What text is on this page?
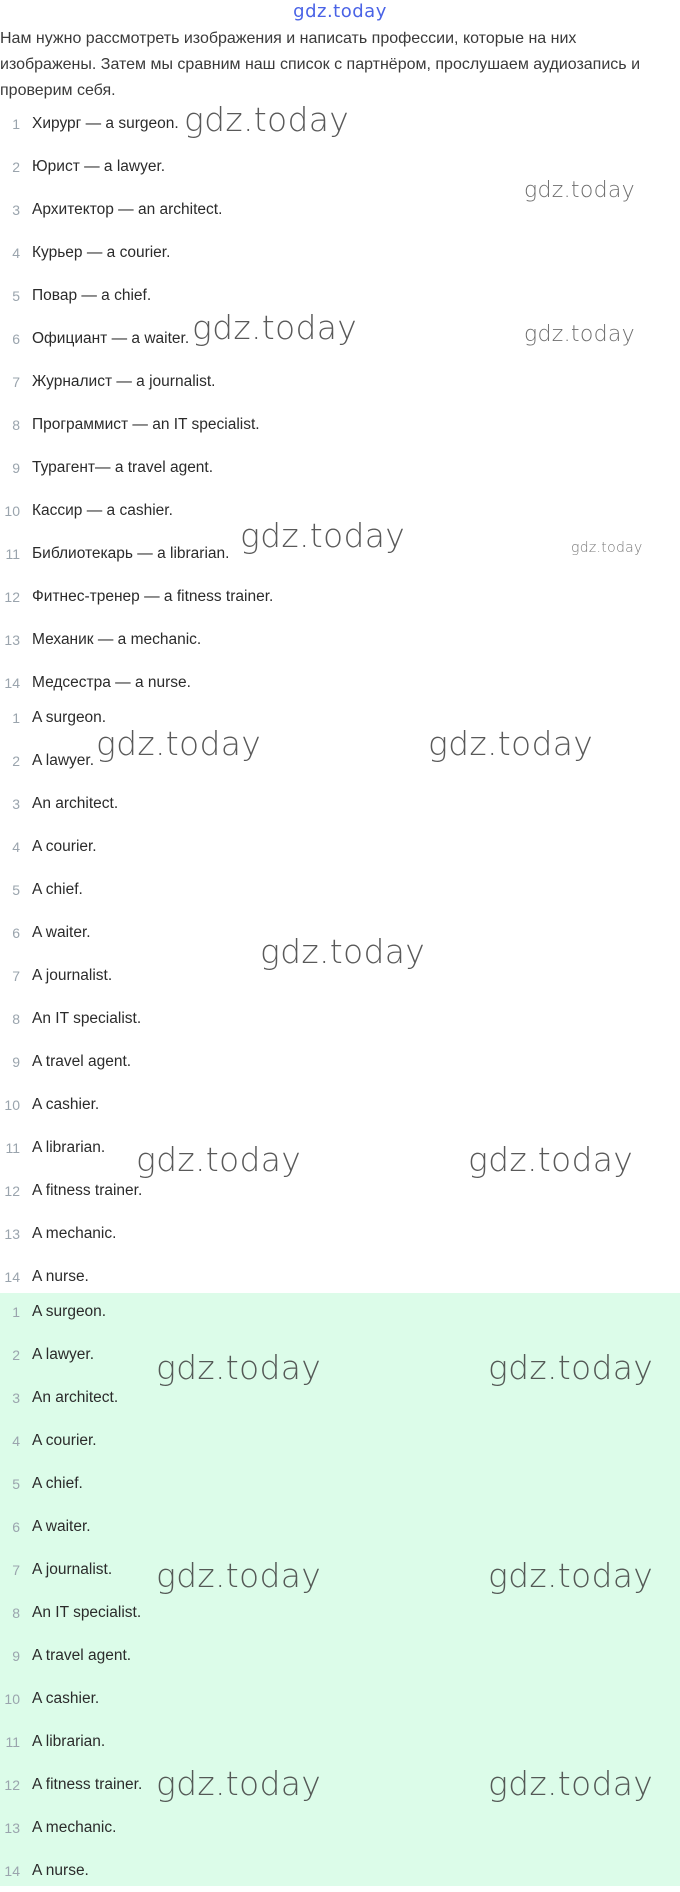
gdz.today
Нам нужно рассмотреть изображения и написать профессии, которые на них изображены. Затем мы сравним наш список с партнёром, прослушаем аудиозапись и проверим себя.
1 Хирург — a surgeon.
2 Юрист — a lawyer.
3 Архитектор — an architect.
4 Курьер — a courier.
5 Повар — a chief.
6 Официант — a waiter.
7 Журналист — a journalist.
8 Программист — an IT specialist.
9 Турагент— a travel agent.
10 Кассир — a cashier.
11 Библиотекарь — a librarian.
12 Фитнес-тренер — a fitness trainer.
13 Механик — a mechanic.
14 Медсестра — a nurse.
1 A surgeon.
2 A lawyer.
3 An architect.
4 A courier.
5 A chief.
6 A waiter.
7 A journalist.
8 An IT specialist.
9 A travel agent.
10 A cashier.
11 A librarian.
12 A fitness trainer.
13 A mechanic.
14 A nurse.
1 A surgeon.
2 A lawyer.
3 An architect.
4 A courier.
5 A chief.
6 A waiter.
7 A journalist.
8 An IT specialist.
9 A travel agent.
10 A cashier.
11 A librarian.
12 A fitness trainer.
13 A mechanic.
14 A nurse.
gdz.today
gdz.today
gdz.today	gdz.today
gdz.today	gdz.today
gdz.today	gdz.today
gdz.today
gdz.today	gdz.today
gdz.today	gdz.today
gdz.today	gdz.today
gdz.today	gdz.today
